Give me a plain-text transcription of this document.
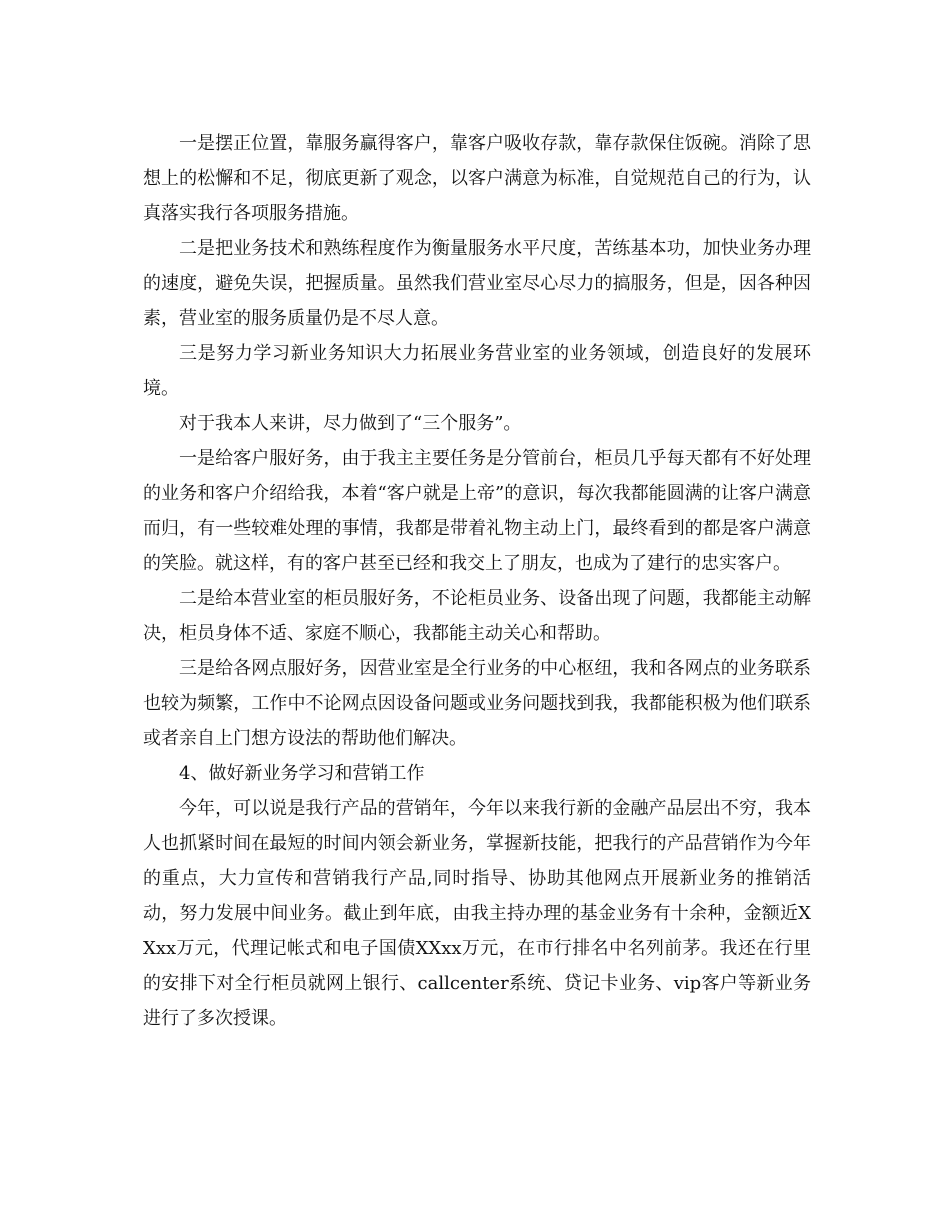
一是摆正位置，靠服务赢得客户，靠客户吸收存款，靠存款保住饭碗。消除了思想上的松懈和不足，彻底更新了观念，以客户满意为标准，自觉规范自己的行为，认真落实我行各项服务措施。

二是把业务技术和熟练程度作为衡量服务水平尺度，苦练基本功，加快业务办理的速度，避免失误，把握质量。虽然我们营业室尽心尽力的搞服务，但是，因各种因素，营业室的服务质量仍是不尽人意。

三是努力学习新业务知识大力拓展业务营业室的业务领域，创造良好的发展环境。

对于我本人来讲，尽力做到了“三个服务”。

一是给客户服好务，由于我主主要任务是分管前台，柜员几乎每天都有不好处理的业务和客户介绍给我，本着“客户就是上帝”的意识，每次我都能圆满的让客户满意而归，有一些较难处理的事情，我都是带着礼物主动上门，最终看到的都是客户满意的笑脸。就这样，有的客户甚至已经和我交上了朋友，也成为了建行的忠实客户。

二是给本营业室的柜员服好务，不论柜员业务、设备出现了问题，我都能主动解决，柜员身体不适、家庭不顺心，我都能主动关心和帮助。

三是给各网点服好务，因营业室是全行业务的中心枢纽，我和各网点的业务联系也较为频繁，工作中不论网点因设备问题或业务问题找到我，我都能积极为他们联系或者亲自上门想方设法的帮助他们解决。

4、做好新业务学习和营销工作

今年，可以说是我行产品的营销年，今年以来我行新的金融产品层出不穷，我本人也抓紧时间在最短的时间内领会新业务，掌握新技能，把我行的产品营销作为今年的重点，大力宣传和营销我行产品,同时指导、协助其他网点开展新业务的推销活动，努力发展中间业务。截止到年底，由我主持办理的基金业务有十余种，金额近XXxx万元，代理记帐式和电子国债XXxx万元，在市行排名中名列前茅。我还在行里的安排下对全行柜员就网上银行、callcenter系统、贷记卡业务、vip客户等新业务进行了多次授课。
